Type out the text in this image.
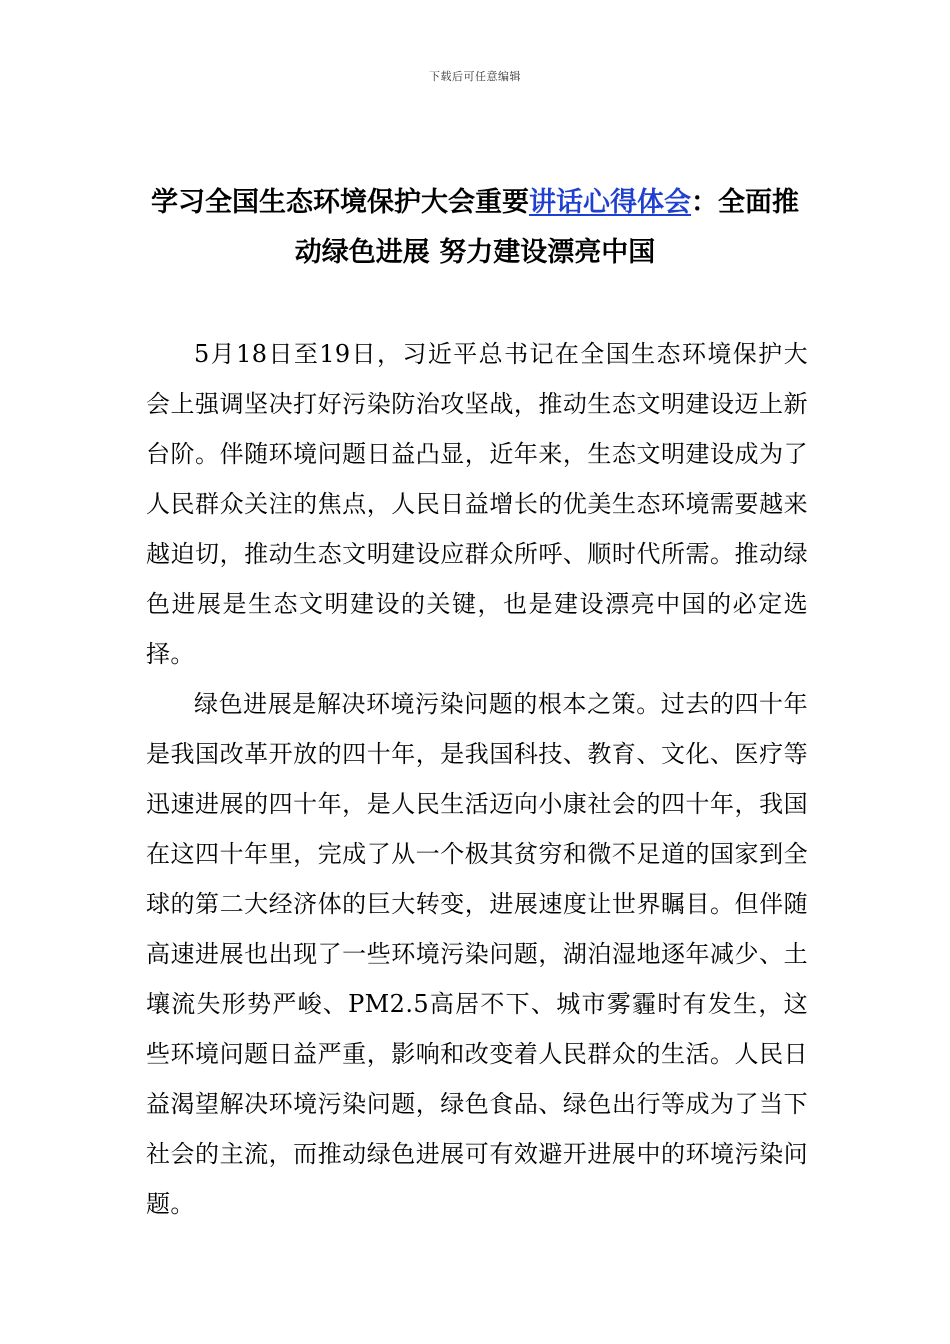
下载后可任意编辑
学习全国生态环境保护大会重要讲话心得体会：全面推动绿色进展 努力建设漂亮中国

5月18日至19日，习近平总书记在全国生态环境保护大会上强调坚决打好污染防治攻坚战，推动生态文明建设迈上新台阶。伴随环境问题日益凸显，近年来，生态文明建设成为了人民群众关注的焦点，人民日益增长的优美生态环境需要越来越迫切，推动生态文明建设应群众所呼、顺时代所需。推动绿色进展是生态文明建设的关键，也是建设漂亮中国的必定选择。

绿色进展是解决环境污染问题的根本之策。过去的四十年是我国改革开放的四十年，是我国科技、教育、文化、医疗等迅速进展的四十年，是人民生活迈向小康社会的四十年，我国在这四十年里，完成了从一个极其贫穷和微不足道的国家到全球的第二大经济体的巨大转变，进展速度让世界瞩目。但伴随高速进展也出现了一些环境污染问题，湖泊湿地逐年减少、土壤流失形势严峻、PM2.5高居不下、城市雾霾时有发生，这些环境问题日益严重，影响和改变着人民群众的生活。人民日益渴望解决环境污染问题，绿色食品、绿色出行等成为了当下社会的主流，而推动绿色进展可有效避开进展中的环境污染问题。
